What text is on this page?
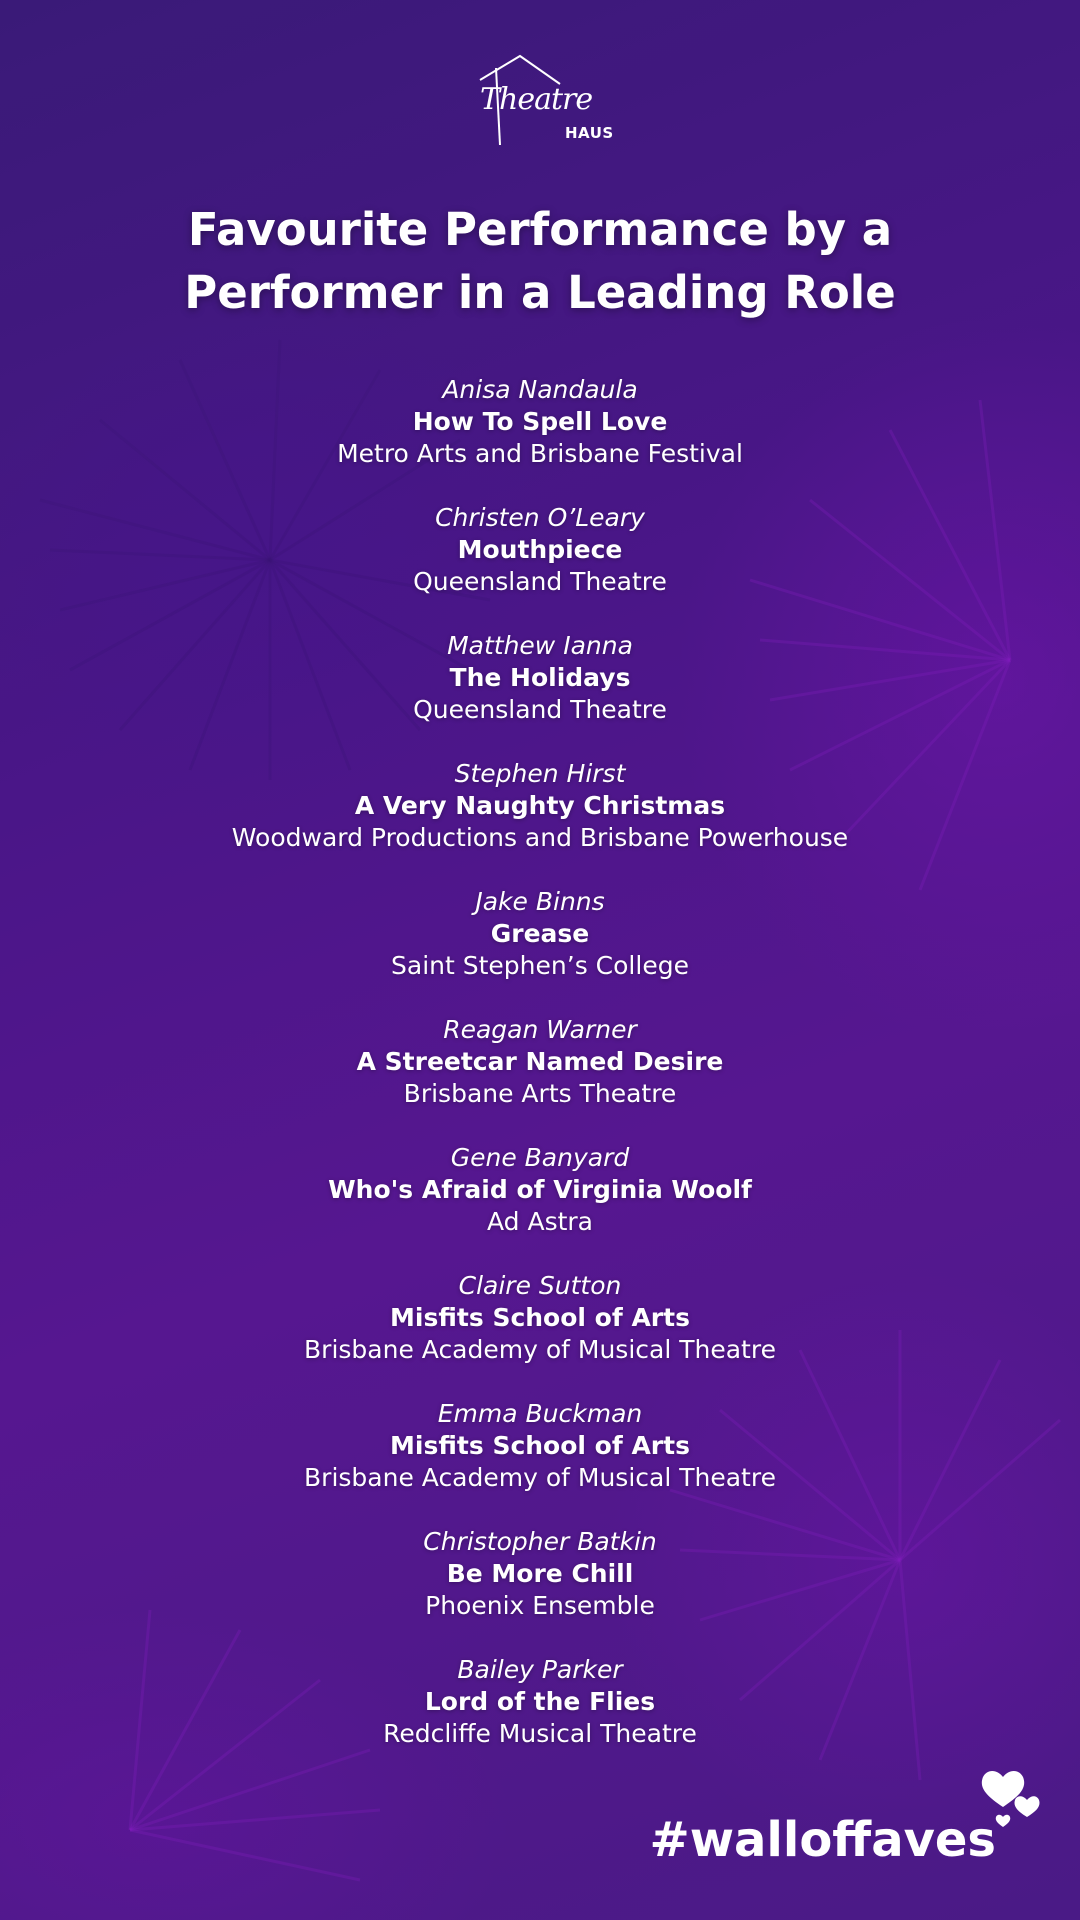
Theatre
HAUS
Favourite Performance by a
Performer in a Leading Role
Anisa Nandaula
How To Spell Love
Metro Arts and Brisbane Festival
Christen O’Leary
Mouthpiece
Queensland Theatre
Matthew Ianna
The Holidays
Queensland Theatre
Stephen Hirst
A Very Naughty Christmas
Woodward Productions and Brisbane Powerhouse
Jake Binns
Grease
Saint Stephen’s College
Reagan Warner
A Streetcar Named Desire
Brisbane Arts Theatre
Gene Banyard
Who's Afraid of Virginia Woolf
Ad Astra
Claire Sutton
Misfits School of Arts
Brisbane Academy of Musical Theatre
Emma Buckman
Misfits School of Arts
Brisbane Academy of Musical Theatre
Christopher Batkin
Be More Chill
Phoenix Ensemble
Bailey Parker
Lord of the Flies
Redcliffe Musical Theatre
#walloffaves
